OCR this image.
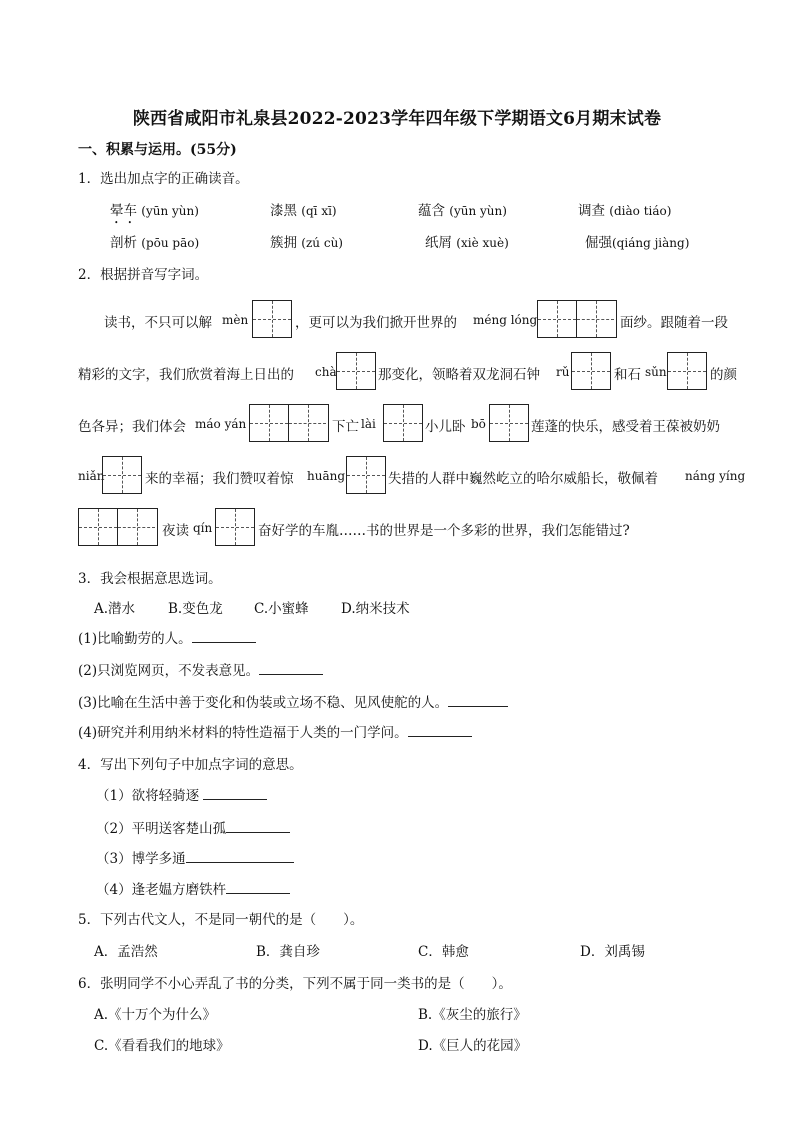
陕西省咸阳市礼泉县2022-2023学年四年级下学期语文6月期末试卷
一、积累与运用。(55分)
1．选出加点字的正确读音。
晕车 (yūn yùn)	漆黑 (qī xī)	蕴含 (yūn yùn)	调查 (diào tiáo)
剖析 (pōu pāo)	簇拥 (zú cù)	纸屑 (xiè xuè)	倔强(qiáng jiàng)
2．根据拼音写字词。
读书，不只可以解 mèn	，更可以为我们掀开世界的 méng lóng	面纱。跟随着一段
精彩的文字，我们欣赏着海上日出的 chà	那变化，领略着双龙洞石钟 rǔ	和石 sǔn	的颜
色各异；我们体会 máo yán	下亡 lài	小儿卧 bō	莲蓬的快乐，感受着王葆被奶奶
niǎn	来的幸福；我们赞叹着惊 huāng	失措的人群中巍然屹立的哈尔威船长，敬佩着 náng yíng
夜读 qín	奋好学的车胤……书的世界是一个多彩的世界，我们怎能错过?
3．我会根据意思选词。
A.潜水 B.变色龙 C.小蜜蜂 D.纳米技术
(1)比喻勤劳的人。
(2)只浏览网页，不发表意见。
(3)比喻在生活中善于变化和伪装或立场不稳、见风使舵的人。
(4)研究并利用纳米材料的特性造福于人类的一门学问。
4．写出下列句子中加点字词的意思。
（1）欲将轻骑逐
（2）平明送客楚山孤
（3）博学多通
（4）逢老媪方磨铁杵
5．下列古代文人，不是同一朝代的是（　　）。
A．孟浩然	B．龚自珍	C．韩愈	D．刘禹锡
6．张明同学不小心弄乱了书的分类，下列不属于同一类书的是（　　）。
A.《十万个为什么》	B.《灰尘的旅行》
C.《看看我们的地球》	D.《巨人的花园》
